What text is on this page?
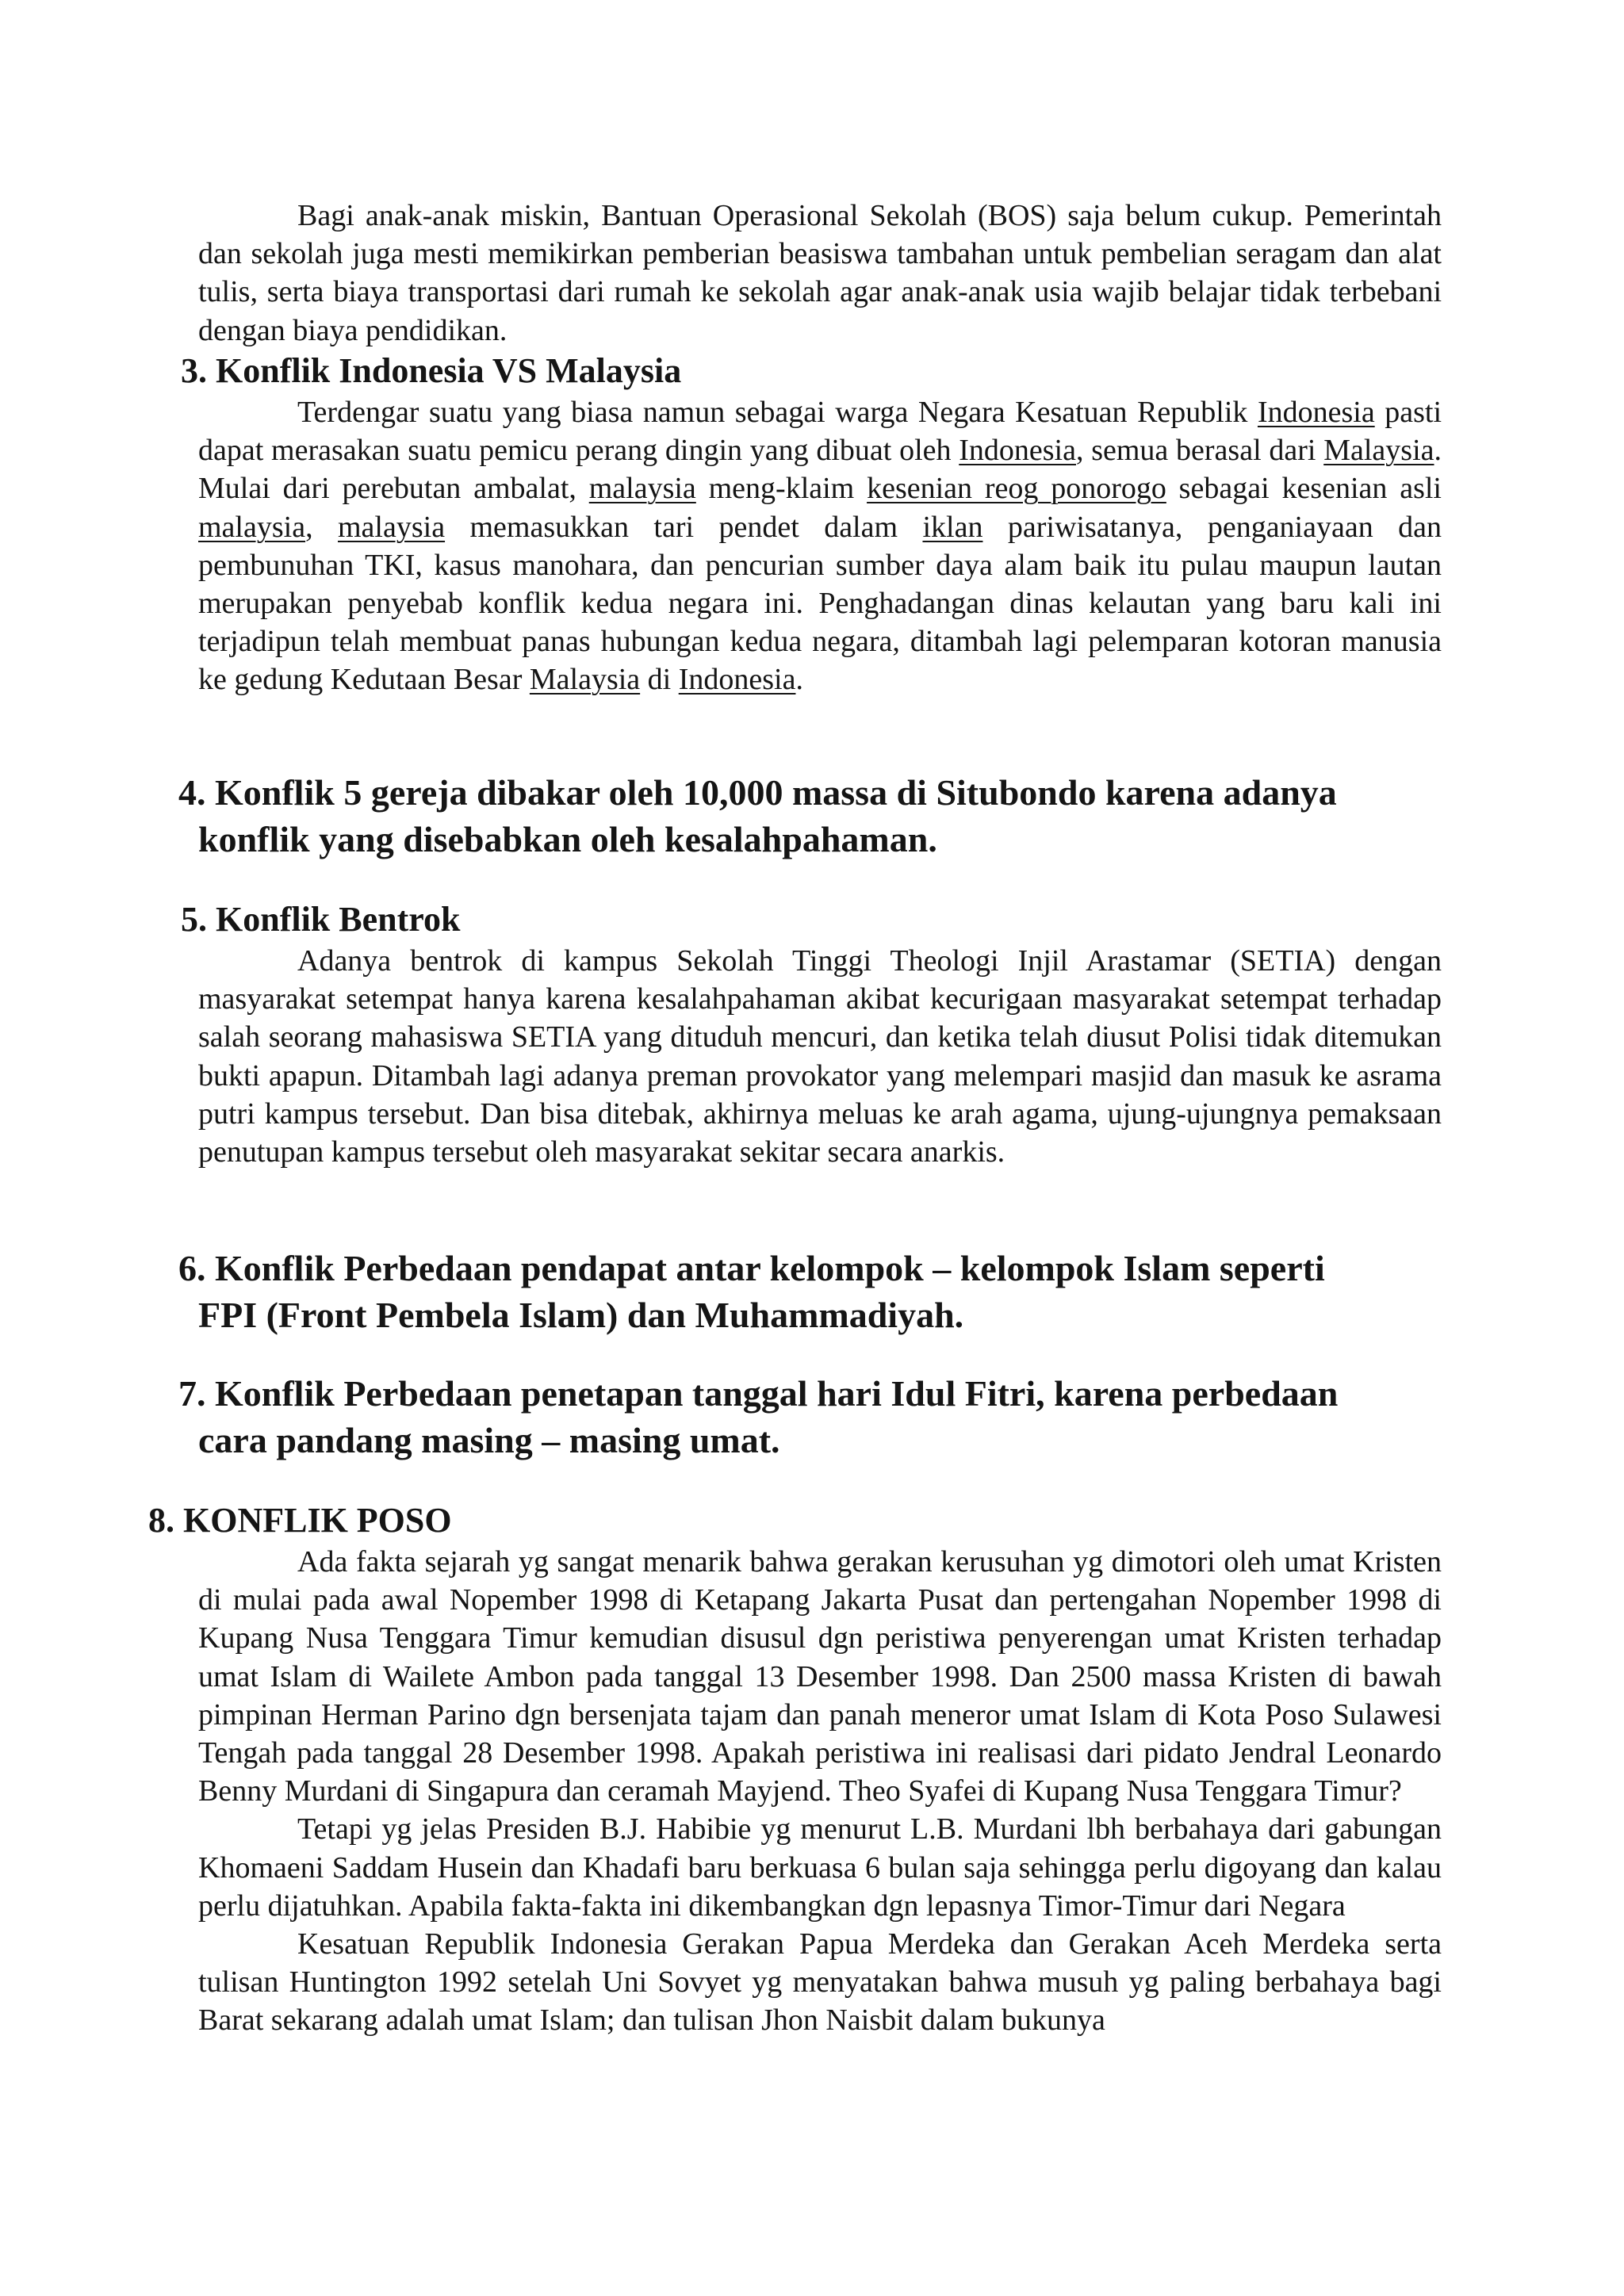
Bagi anak-anak miskin, Bantuan Operasional Sekolah (BOS) saja belum cukup. Pemerintah dan sekolah juga mesti memikirkan pemberian beasiswa tambahan untuk pembelian seragam dan alat tulis, serta biaya transportasi dari rumah ke sekolah agar anak-anak usia wajib belajar tidak terbebani dengan biaya pendidikan.

3. Konflik Indonesia VS Malaysia

Terdengar suatu yang biasa namun sebagai warga Negara Kesatuan Republik Indonesia pasti dapat merasakan suatu pemicu perang dingin yang dibuat oleh Indonesia, semua berasal dari Malaysia. Mulai dari perebutan ambalat, malaysia meng-klaim kesenian reog ponorogo sebagai kesenian asli malaysia, malaysia memasukkan tari pendet dalam iklan pariwisatanya, penganiayaan dan pembunuhan TKI, kasus manohara, dan pencurian sumber daya alam baik itu pulau maupun lautan merupakan penyebab konflik kedua negara ini. Penghadangan dinas kelautan yang baru kali ini terjadipun telah membuat panas hubungan kedua negara, ditambah lagi pelemparan kotoran manusia ke gedung Kedutaan Besar Malaysia di Indonesia.

4. Konflik 5 gereja dibakar oleh 10,000 massa di Situbondo karena adanya
konflik yang disebabkan oleh kesalahpahaman.
5. Konflik Bentrok

Adanya bentrok di kampus Sekolah Tinggi Theologi Injil Arastamar (SETIA) dengan masyarakat setempat hanya karena kesalahpahaman akibat kecurigaan masyarakat setempat terhadap salah seorang mahasiswa SETIA yang dituduh mencuri, dan ketika telah diusut Polisi tidak ditemukan bukti apapun. Ditambah lagi adanya preman provokator yang melempari masjid dan masuk ke asrama putri kampus tersebut. Dan bisa ditebak, akhirnya meluas ke arah agama, ujung-ujungnya pemaksaan penutupan kampus tersebut oleh masyarakat sekitar secara anarkis.

6. Konflik Perbedaan pendapat antar kelompok – kelompok Islam seperti
FPI (Front Pembela Islam) dan Muhammadiyah.
7. Konflik Perbedaan penetapan tanggal hari Idul Fitri, karena perbedaan
cara pandang masing – masing umat.
8. KONFLIK POSO

Ada fakta sejarah yg sangat menarik bahwa gerakan kerusuhan yg dimotori oleh umat Kristen di mulai pada awal Nopember 1998 di Ketapang Jakarta Pusat dan pertengahan Nopember 1998 di Kupang Nusa Tenggara Timur kemudian disusul dgn peristiwa penyerengan umat Kristen terhadap umat Islam di Wailete Ambon pada tanggal 13 Desember 1998. Dan 2500 massa Kristen di bawah pimpinan Herman Parino dgn bersenjata tajam dan panah meneror umat Islam di Kota Poso Sulawesi Tengah pada tanggal 28 Desember 1998. Apakah peristiwa ini realisasi dari pidato Jendral Leonardo Benny Murdani di Singapura dan ceramah Mayjend. Theo Syafei di Kupang Nusa Tenggara Timur?

Tetapi yg jelas Presiden B.J. Habibie yg menurut L.B. Murdani lbh berbahaya dari gabungan Khomaeni Saddam Husein dan Khadafi baru berkuasa 6 bulan saja sehingga perlu digoyang dan kalau perlu dijatuhkan. Apabila fakta-fakta ini dikembangkan dgn lepasnya Timor-Timur dari Negara

Kesatuan Republik Indonesia Gerakan Papua Merdeka dan Gerakan Aceh Merdeka serta tulisan Huntington 1992 setelah Uni Sovyet yg menyatakan bahwa musuh yg paling berbahaya bagi Barat sekarang adalah umat Islam; dan tulisan Jhon Naisbit dalam bukunya
